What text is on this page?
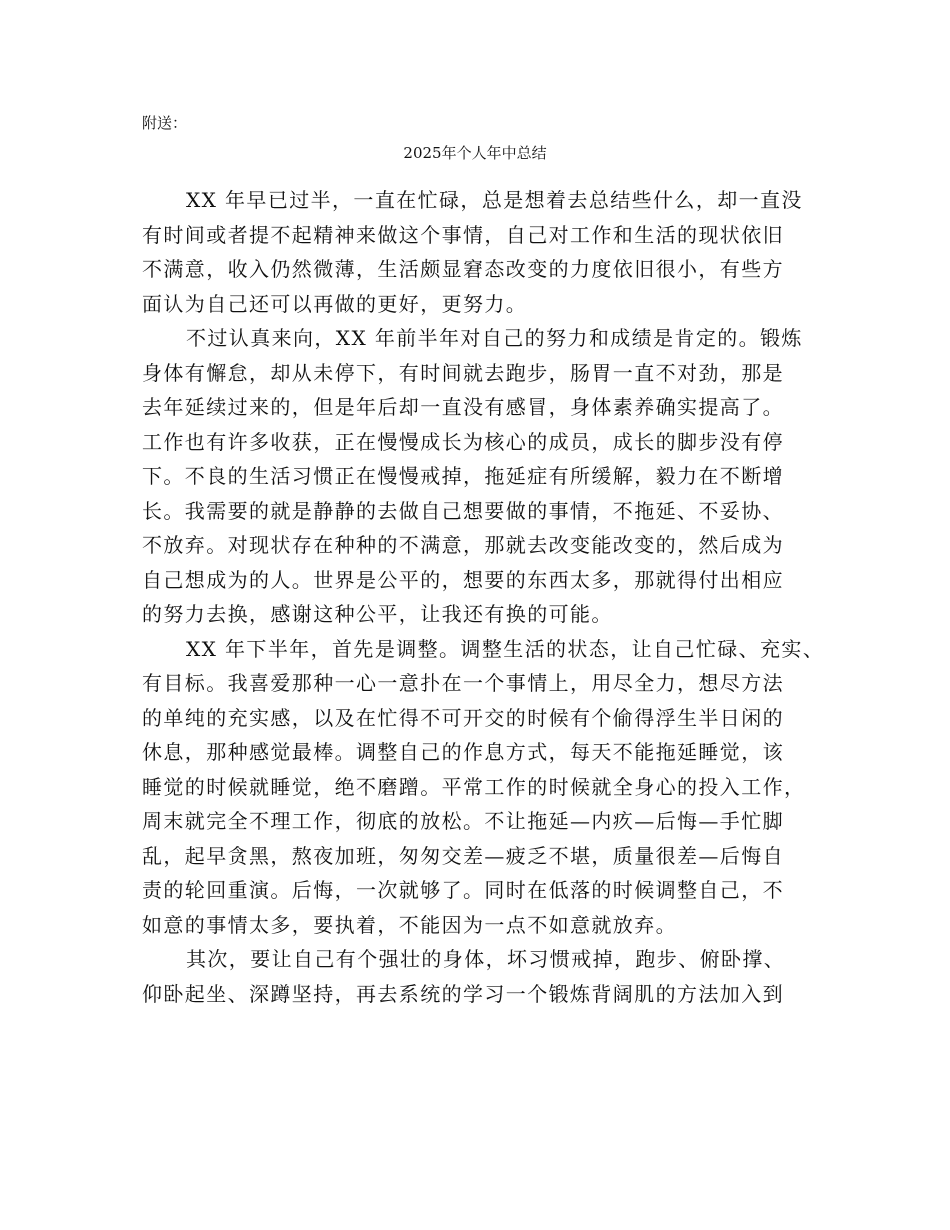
附送：
2025年个人年中总结
XX 年早已过半，一直在忙碌，总是想着去总结些什么，却一直没
有时间或者提不起精神来做这个事情，自己对工作和生活的现状依旧
不满意，收入仍然微薄，生活颇显窘态改变的力度依旧很小，有些方
面认为自己还可以再做的更好，更努力。
不过认真来向，XX 年前半年对自己的努力和成绩是肯定的。锻炼
身体有懈怠，却从未停下，有时间就去跑步，肠胃一直不对劲，那是
去年延续过来的，但是年后却一直没有感冒，身体素养确实提高了。
工作也有许多收获，正在慢慢成长为核心的成员，成长的脚步没有停
下。不良的生活习惯正在慢慢戒掉，拖延症有所缓解，毅力在不断增
长。我需要的就是静静的去做自己想要做的事情，不拖延、不妥协、
不放弃。对现状存在种种的不满意，那就去改变能改变的，然后成为
自己想成为的人。世界是公平的，想要的东西太多，那就得付出相应
的努力去换，感谢这种公平，让我还有换的可能。
XX 年下半年，首先是调整。调整生活的状态，让自己忙碌、充实、
有目标。我喜爱那种一心一意扑在一个事情上，用尽全力，想尽方法
的单纯的充实感，以及在忙得不可开交的时候有个偷得浮生半日闲的
休息，那种感觉最棒。调整自己的作息方式，每天不能拖延睡觉，该
睡觉的时候就睡觉，绝不磨蹭。平常工作的时候就全身心的投入工作，
周末就完全不理工作，彻底的放松。不让拖延—内疚—后悔—手忙脚
乱，起早贪黑，熬夜加班，匆匆交差—疲乏不堪，质量很差—后悔自
责的轮回重演。后悔，一次就够了。同时在低落的时候调整自己，不
如意的事情太多，要执着，不能因为一点不如意就放弃。
其次，要让自己有个强壮的身体，坏习惯戒掉，跑步、俯卧撑、
仰卧起坐、深蹲坚持，再去系统的学习一个锻炼背阔肌的方法加入到
